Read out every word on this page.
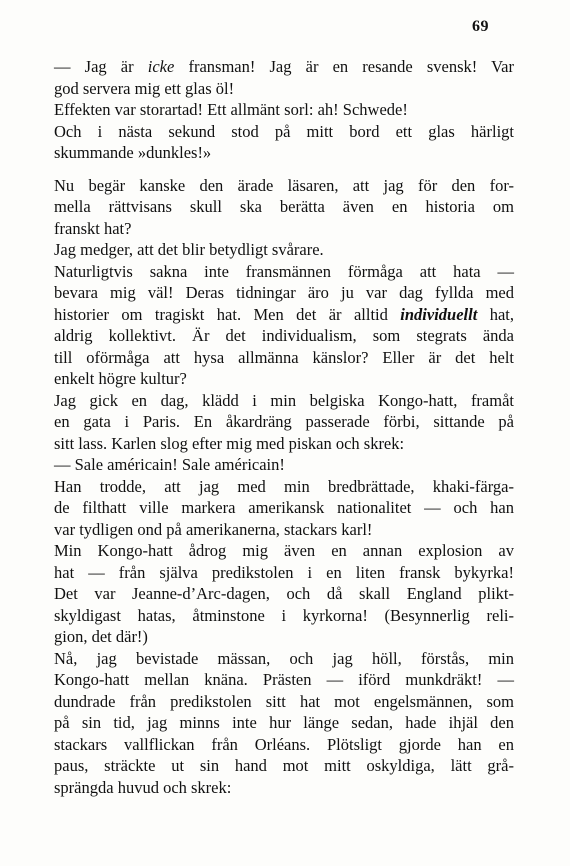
69
— Jag är icke fransman! Jag är en resande svensk! Var
god servera mig ett glas öl!
Effekten var storartad! Ett allmänt sorl: ah! Schwede!
Och i nästa sekund stod på mitt bord ett glas härligt
skummande »dunkles!»
Nu begär kanske den ärade läsaren, att jag för den for-
mella rättvisans skull ska berätta även en historia om
franskt hat?
Jag medger, att det blir betydligt svårare.
Naturligtvis sakna inte fransmännen förmåga att hata —
bevara mig väl! Deras tidningar äro ju var dag fyllda med
historier om tragiskt hat. Men det är alltid individuellt hat,
aldrig kollektivt. Är det individualism, som stegrats ända
till oförmåga att hysa allmänna känslor? Eller är det helt
enkelt högre kultur?
Jag gick en dag, klädd i min belgiska Kongo-hatt, framåt
en gata i Paris. En åkardräng passerade förbi, sittande på
sitt lass. Karlen slog efter mig med piskan och skrek:
— Sale américain! Sale américain!
Han trodde, att jag med min bredbrättade, khaki-färga-
de filthatt ville markera amerikansk nationalitet — och han
var tydligen ond på amerikanerna, stackars karl!
Min Kongo-hatt ådrog mig även en annan explosion av
hat — från själva predikstolen i en liten fransk bykyrka!
Det var Jeanne-d’Arc-dagen, och då skall England plikt-
skyldigast hatas, åtminstone i kyrkorna! (Besynnerlig reli-
gion, det där!)
Nå, jag bevistade mässan, och jag höll, förstås, min
Kongo-hatt mellan knäna. Prästen — iförd munkdräkt! —
dundrade från predikstolen sitt hat mot engelsmännen, som
på sin tid, jag minns inte hur länge sedan, hade ihjäl den
stackars vallflickan från Orléans. Plötsligt gjorde han en
paus, sträckte ut sin hand mot mitt oskyldiga, lätt grå-
sprängda huvud och skrek:
